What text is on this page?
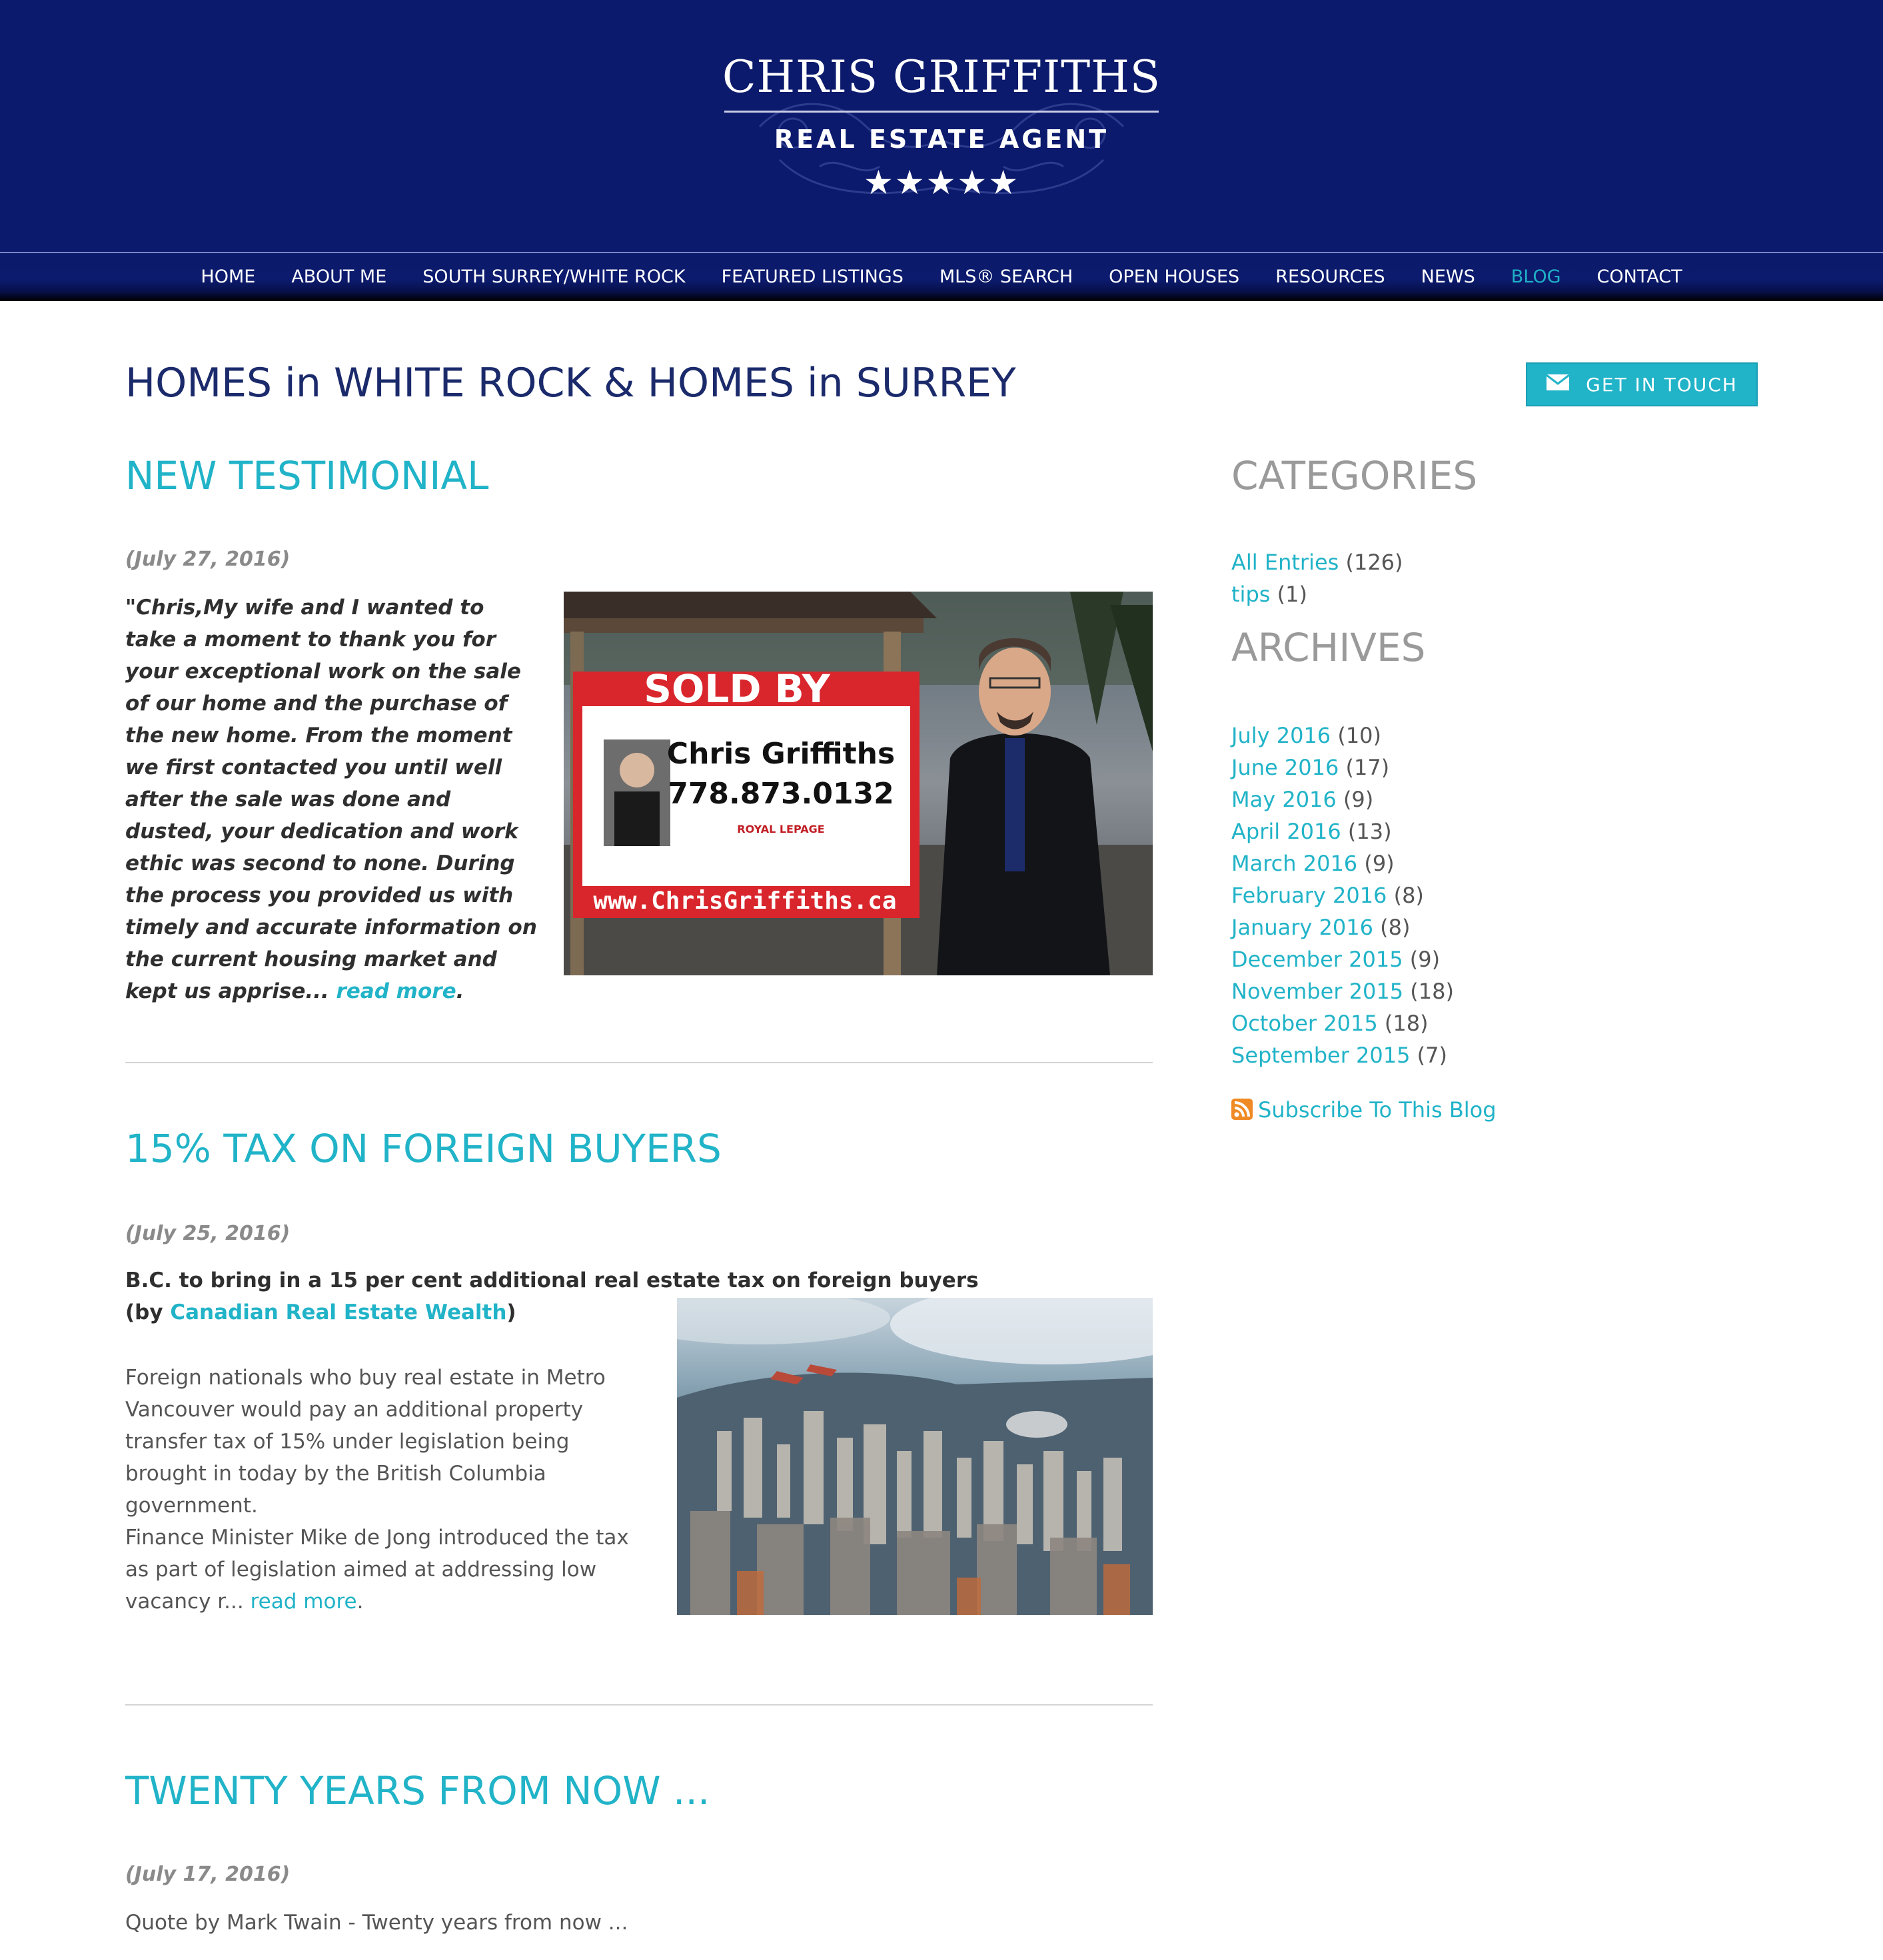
CHRIS GRIFFITHS
REAL ESTATE AGENT
★★★★★
HOME ABOUT ME SOUTH SURREY/WHITE ROCK FEATURED LISTINGS MLS® SEARCH OPEN HOUSES RESOURCES NEWS BLOG CONTACT
HOMES in WHITE ROCK & HOMES in SURREY	GET IN TOUCH
NEW TESTIMONIAL
(July 27, 2016)
"Chris,My wife and I wanted to take a moment to thank you for your exceptional work on the sale of our home and the purchase of the new home. From the moment we first contacted you until well after the sale was done and dusted, your dedication and work ethic was second to none. During the process you provided us with timely and accurate information on the current housing market and kept us apprise... read more.
SOLD BY
Chris Griffiths
778.873.0132
ROYAL LEPAGE
www.ChrisGriffiths.ca
15% TAX ON FOREIGN BUYERS
(July 25, 2016)
B.C. to bring in a 15 per cent additional real estate tax on foreign buyers
(by Canadian Real Estate Wealth)
Foreign nationals who buy real estate in Metro Vancouver would pay an additional property transfer tax of 15% under legislation being brought in today by the British Columbia government.
Finance Minister Mike de Jong introduced the tax as part of legislation aimed at addressing low vacancy r... read more.
TWENTY YEARS FROM NOW ...
(July 17, 2016)
Quote by Mark Twain - Twenty years from now ...
CATEGORIES
All Entries (126)
tips (1)
ARCHIVES
July 2016 (10)
June 2016 (17)
May 2016 (9)
April 2016 (13)
March 2016 (9)
February 2016 (8)
January 2016 (8)
December 2015 (9)
November 2015 (18)
October 2015 (18)
September 2015 (7)
Subscribe To This Blog
